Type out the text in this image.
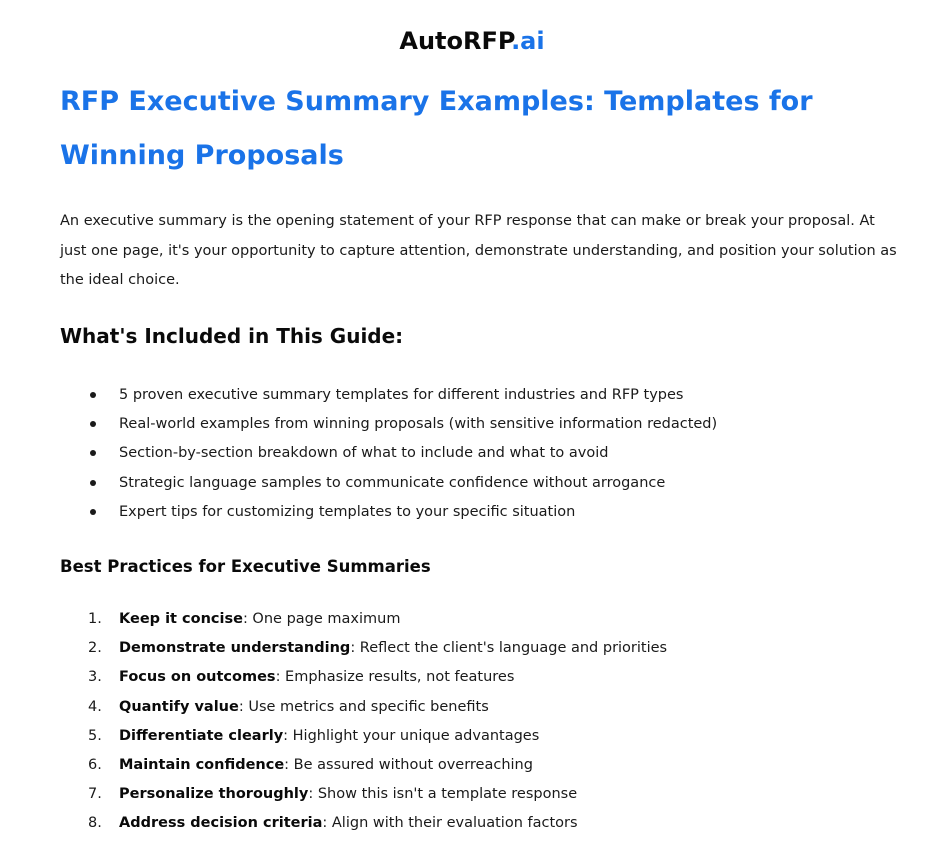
AutoRFP.ai
RFP Executive Summary Examples: Templates for Winning Proposals

An executive summary is the opening statement of your RFP response that can make or break your proposal. At just one page, it's your opportunity to capture attention, demonstrate understanding, and position your solution as the ideal choice.

What's Included in This Guide:
5 proven executive summary templates for different industries and RFP types
Real-world examples from winning proposals (with sensitive information redacted)
Section-by-section breakdown of what to include and what to avoid
Strategic language samples to communicate confidence without arrogance
Expert tips for customizing templates to your specific situation
Best Practices for Executive Summaries
1. Keep it concise: One page maximum
2. Demonstrate understanding: Reflect the client's language and priorities
3. Focus on outcomes: Emphasize results, not features
4. Quantify value: Use metrics and specific benefits
5. Differentiate clearly: Highlight your unique advantages
6. Maintain confidence: Be assured without overreaching
7. Personalize thoroughly: Show this isn't a template response
8. Address decision criteria: Align with their evaluation factors
